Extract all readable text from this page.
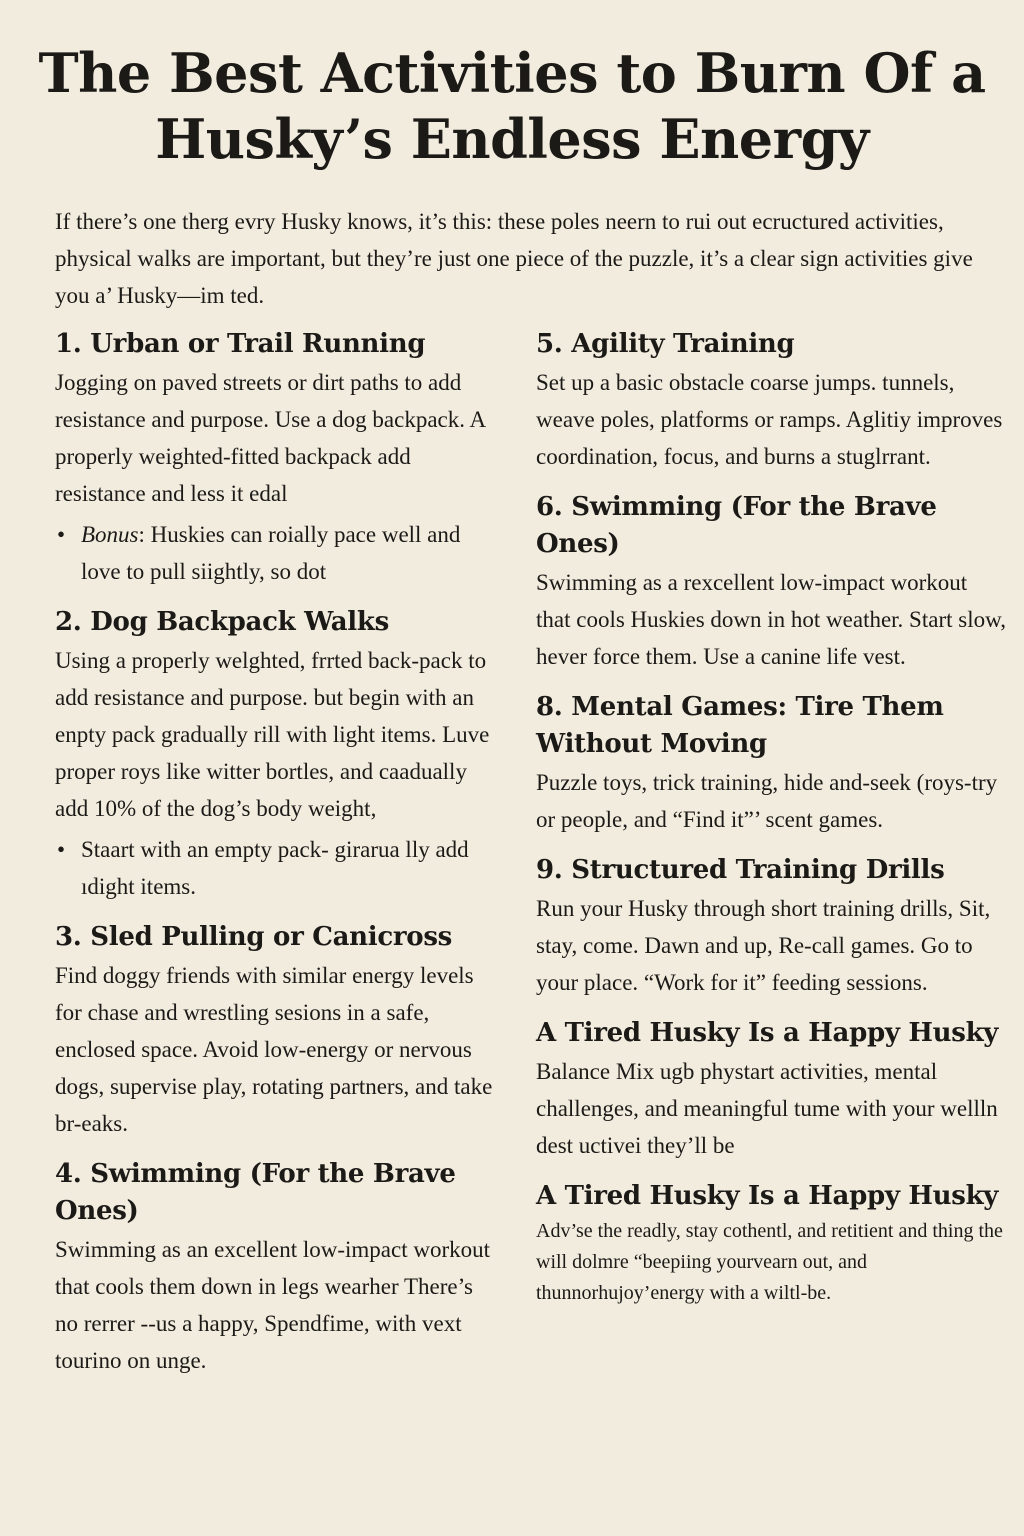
The Best Activities to Burn Of a Husky’s Endless Energy

If there’s one therg evry Husky knows, it’s this: these poles neern to rui out ecructured activities, physical walks are important, but they’re just one piece of the puzzle, it’s a clear sign activities give you a’ Husky—im ted.

1. Urban or Trail Running

Jogging on paved streets or dirt paths to add resistance and purpose. Use a dog backpack. A properly weighted-fitted backpack add resistance and less it edal

• Bonus: Huskies can roially pace well and love to pull siightly, so dot

2. Dog Backpack Walks

Using a properly welghted, frrted back-pack to add resistance and purpose. but begin with an enpty pack gradually rill with light items. Luve proper roys like witter bortles, and caadually add 10% of the dog’s body weight,

• Staart with an empty pack- girarua lly add ıdight items.

3. Sled Pulling or Canicross

Find doggy friends with similar energy levels for chase and wrestling sesions in a safe, enclosed space. Avoid low-energy or nervous dogs, supervise play, rotating partners, and take br-eaks.

4. Swimming (For the Brave Ones)

Swimming as an excellent low-impact workout that cools them down in legs wearher There’s no rerrer --us a happy, Spendfime, with vext tourino on unge.

5. Agility Training

Set up a basic obstacle coarse jumps. tunnels, weave poles, platforms or ramps. Aglitiy improves coordination, focus, and burns a stuglrrant.

6. Swimming (For the Brave Ones)

Swimming as a rexcellent low-impact workout that cools Huskies down in hot weather. Start slow, hever force them. Use a canine life vest.

8. Mental Games: Tire Them Without Moving

Puzzle toys, trick training, hide and-seek (roys-try or people, and “Find it”’ scent games.

9. Structured Training Drills

Run your Husky through short training drills, Sit, stay, come. Dawn and up, Re-call games. Go to your place. “Work for it” feeding sessions.

A Tired Husky Is a Happy Husky

Balance Mix ugb phystart activities, mental challenges, and meaningful tume with your wellln dest uctivei they’ll be

A Tired Husky Is a Happy Husky

Adv’se the readly, stay cothentl, and retitient and thing the will dolmre “beepiing yourvearn out, and thunnorhujoy’energy with a wiltl-be.
